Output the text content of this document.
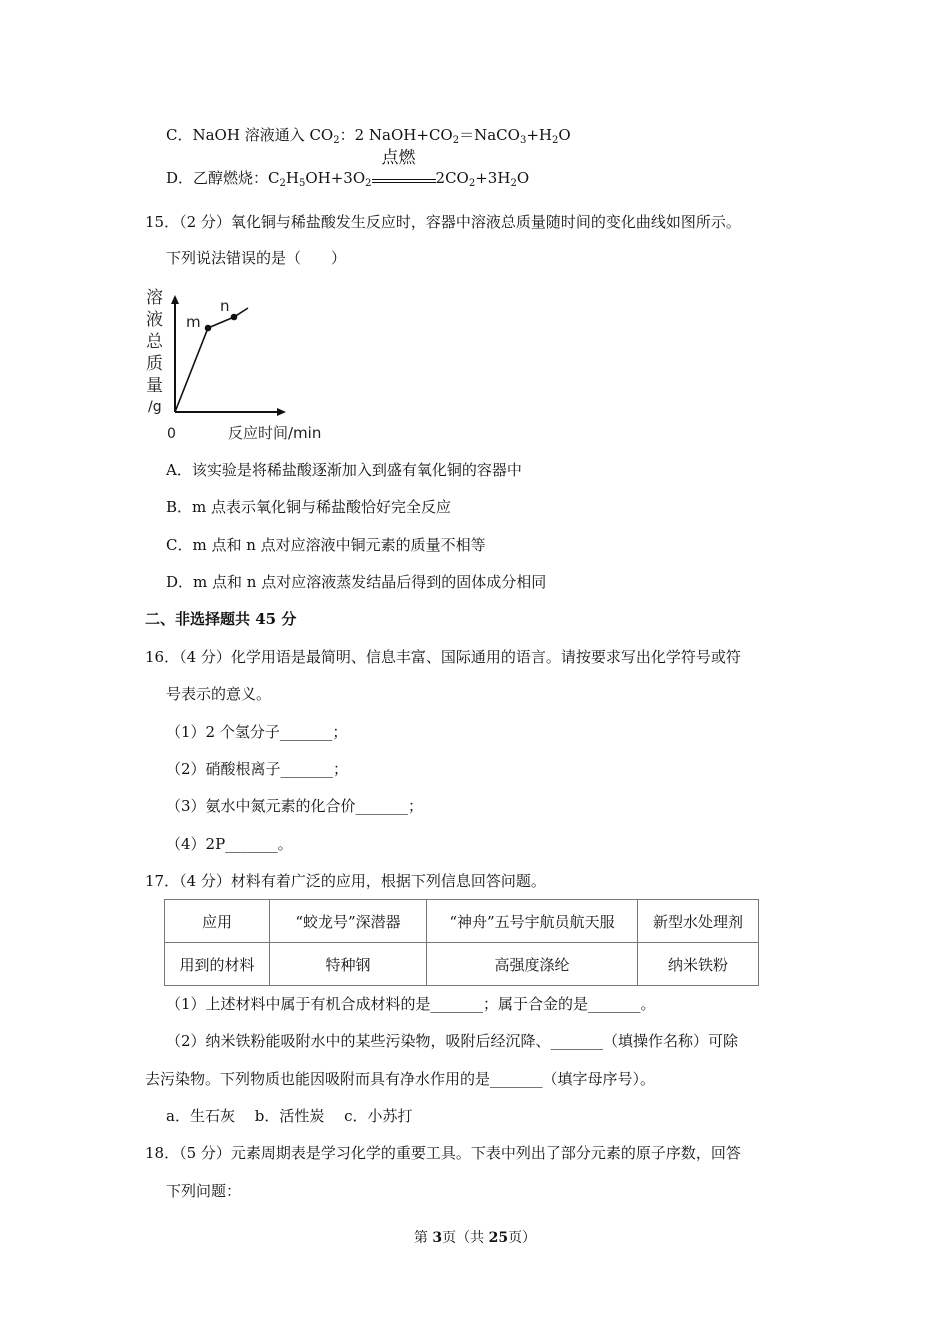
C．NaOH 溶液通入 $CO_2$：2 $NaOH+CO_2=NaCO_3+H_2O$
D．乙醇燃烧：$C_2H_5OH+3O_2$
点燃
$2CO_2+3H_2O$
15．（2 分）氧化铜与稀盐酸发生反应时，容器中溶液总质量随时间的变化曲线如图所示。
下列说法错误的是（　　）
溶
液
总
质
量
/g
m
n
0	反应时间/min
A．该实验是将稀盐酸逐渐加入到盛有氧化铜的容器中
B．m 点表示氧化铜与稀盐酸恰好完全反应
C．m 点和 n 点对应溶液中铜元素的质量不相等
D．m 点和 n 点对应溶液蒸发结晶后得到的固体成分相同
二、非选择题共 45 分
16．（4 分）化学用语是最简明、信息丰富、国际通用的语言。请按要求写出化学符号或符
号表示的意义。
（1）2 个氢分子_______；
（2）硝酸根离子_______；
（3）氨水中氮元素的化合价_______；
（4）2P_______。
17．（4 分）材料有着广泛的应用，根据下列信息回答问题。
应用	“蛟龙号”深潜器	“神舟”五号宇航员航天服	新型水处理剂
用到的材料	特种钢	高强度涤纶	纳米铁粉
（1）上述材料中属于有机合成材料的是_______；属于合金的是_______。
（2）纳米铁粉能吸附水中的某些污染物，吸附后经沉降、_______（填操作名称）可除
去污染物。下列物质也能因吸附而具有净水作用的是_______（填字母序号）。
a．生石灰　 b．活性炭　 c．小苏打
18．（5 分）元素周期表是学习化学的重要工具。下表中列出了部分元素的原子序数，回答
下列问题：
第 3页（共 25页）
